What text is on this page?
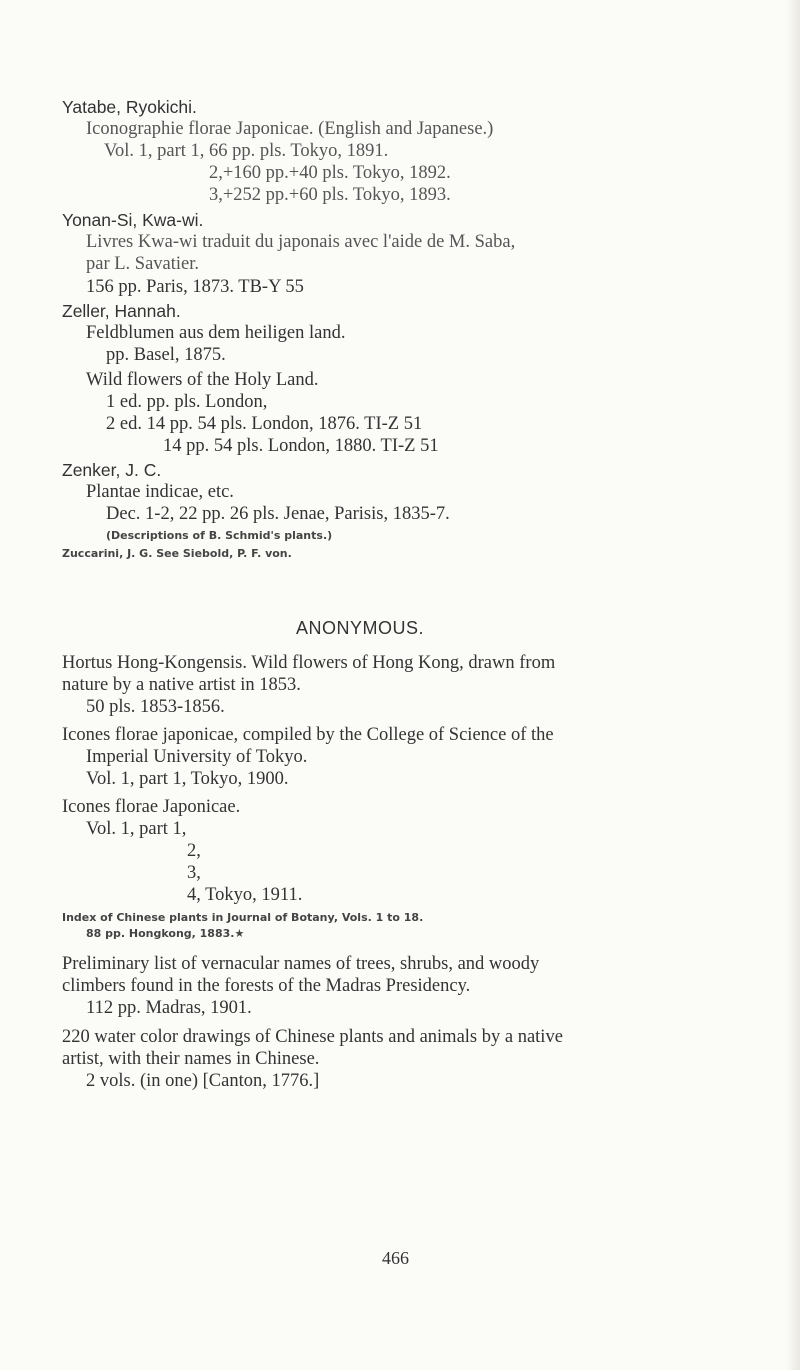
Yatabe, Ryokichi.
Iconographie florae Japonicae. (English and Japanese.)
Vol. 1, part 1, 66 pp. pls. Tokyo, 1891.
2,+160 pp.+40 pls. Tokyo, 1892.
3,+252 pp.+60 pls. Tokyo, 1893.
Yonan-Si, Kwa-wi.
Livres Kwa-wi traduit du japonais avec l'aide de M. Saba,
par L. Savatier.
156 pp. Paris, 1873. TB-Y 55
Zeller, Hannah.
Feldblumen aus dem heiligen land.
pp. Basel, 1875.
Wild flowers of the Holy Land.
1 ed. pp. pls. London,
2 ed. 14 pp. 54 pls. London, 1876. TI-Z 51
14 pp. 54 pls. London, 1880. TI-Z 51
Zenker, J. C.
Plantae indicae, etc.
Dec. 1-2, 22 pp. 26 pls. Jenae, Parisis, 1835-7.
(Descriptions of B. Schmid's plants.)
Zuccarini, J. G. See Siebold, P. F. von.
ANONYMOUS.
Hortus Hong-Kongensis. Wild flowers of Hong Kong, drawn from
nature by a native artist in 1853.
50 pls. 1853-1856.
Icones florae japonicae, compiled by the College of Science of the
Imperial University of Tokyo.
Vol. 1, part 1, Tokyo, 1900.
Icones florae Japonicae.
Vol. 1, part 1,
2,
3,
4, Tokyo, 1911.
Index of Chinese plants in Journal of Botany, Vols. 1 to 18.
88 pp. Hongkong, 1883.★
Preliminary list of vernacular names of trees, shrubs, and woody
climbers found in the forests of the Madras Presidency.
112 pp. Madras, 1901.
220 water color drawings of Chinese plants and animals by a native
artist, with their names in Chinese.
2 vols. (in one) [Canton, 1776.]
466
